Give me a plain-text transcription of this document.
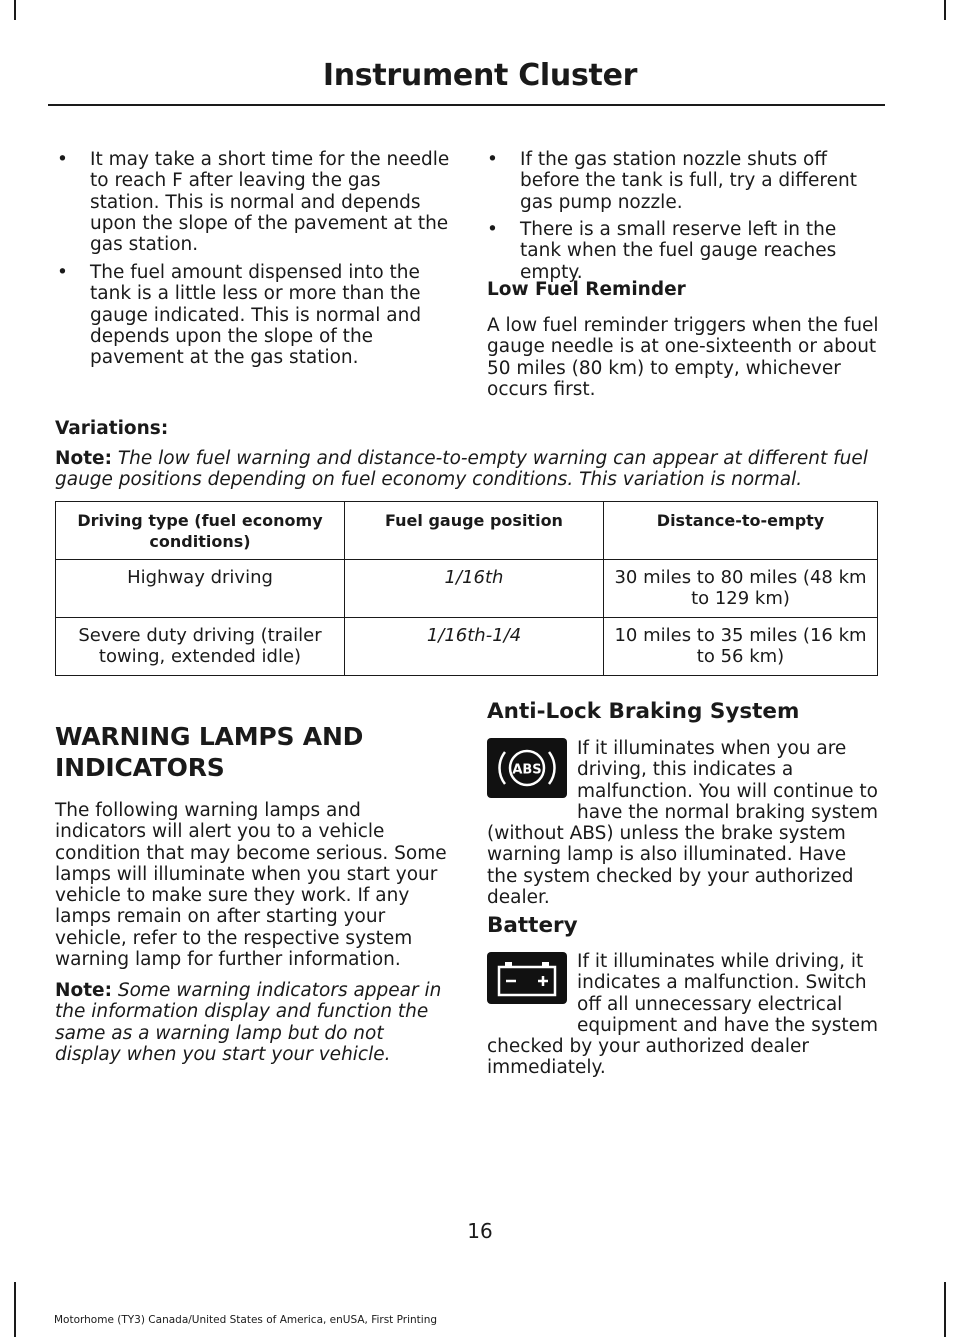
Instrument Cluster
•	It may take a short time for the needle to reach F after leaving the gas station. This is normal and depends upon the slope of the pavement at the gas station.
•	The fuel amount dispensed into the tank is a little less or more than the gauge indicated. This is normal and depends upon the slope of the pavement at the gas station.
•	If the gas station nozzle shuts off before the tank is full, try a different gas pump nozzle.
•	There is a small reserve left in the tank when the fuel gauge reaches empty.
Low Fuel Reminder

A low fuel reminder triggers when the fuel gauge needle is at one-sixteenth or about 50 miles (80 km) to empty, whichever occurs first.

Variations:

Note: The low fuel warning and distance-to-empty warning can appear at different fuel gauge positions depending on fuel economy conditions. This variation is normal.

Driving type (fuel economy conditions)	Fuel gauge position	Distance-to-empty
Highway driving	1/16th	30 miles to 80 miles (48 km to 129 km)
Severe duty driving (trailer towing, extended idle)	1/16th-1/4	10 miles to 35 miles (16 km to 56 km)
WARNING LAMPS AND
INDICATORS

The following warning lamps and indicators will alert you to a vehicle condition that may become serious. Some lamps will illuminate when you start your vehicle to make sure they work. If any lamps remain on after starting your vehicle, refer to the respective system warning lamp for further information.

Note: Some warning indicators appear in the information display and function the same as a warning lamp but do not display when you start your vehicle.

Anti-Lock Braking System
ABS

If it illuminates when you are driving, this indicates a malfunction. You will continue to have the normal braking system (without ABS) unless the brake system warning lamp is also illuminated. Have the system checked by your authorized dealer.

Battery

If it illuminates while driving, it indicates a malfunction. Switch off all unnecessary electrical equipment and have the system checked by your authorized dealer immediately.

16
Motorhome (TY3) Canada/United States of America, enUSA, First Printing
